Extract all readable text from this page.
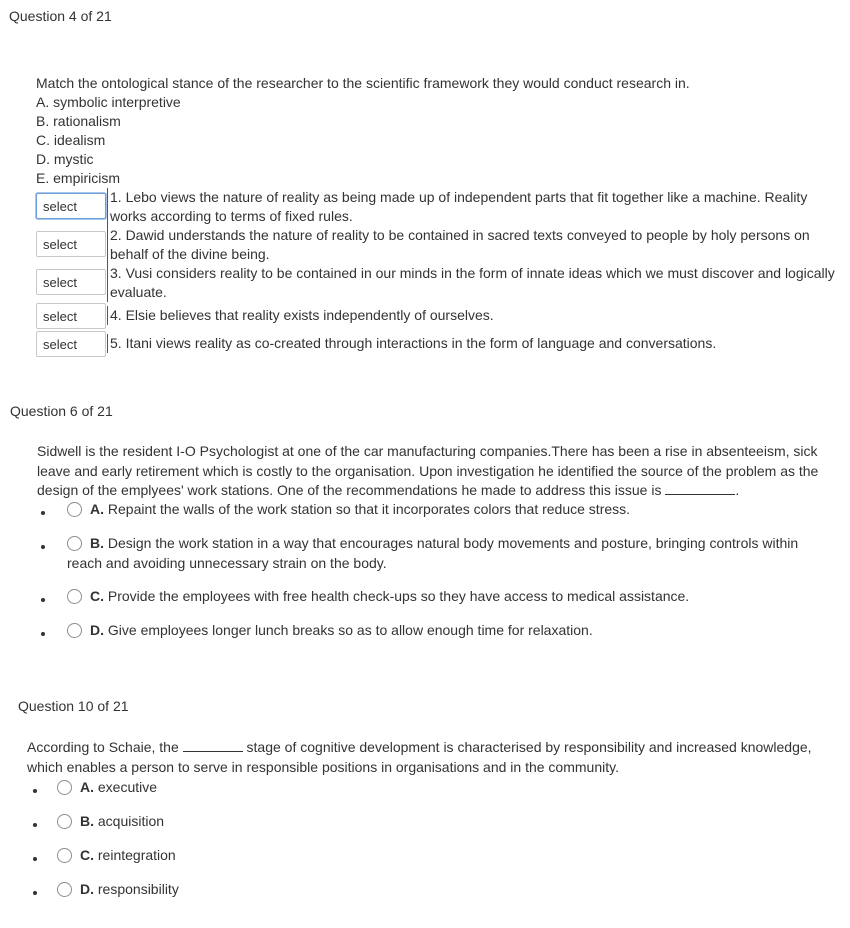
Question 4 of 21
Match the ontological stance of the researcher to the scientific framework they would conduct research in.
A. symbolic interpretive
B. rationalism
C. idealism
D. mystic
E. empiricism
select
1. Lebo views the nature of reality as being made up of independent parts that fit together like a machine. Reality
works according to terms of fixed rules.
select
2. Dawid understands the nature of reality to be contained in sacred texts conveyed to people by holy persons on
behalf of the divine being.
select
3. Vusi considers reality to be contained in our minds in the form of innate ideas which we must discover and logically
evaluate.
select	4. Elsie believes that reality exists independently of ourselves.
select	5. Itani views reality as co-created through interactions in the form of language and conversations.
Question 6 of 21
Sidwell is the resident I-O Psychologist at one of the car manufacturing companies.There has been a rise in absenteeism, sick
leave and early retirement which is costly to the organisation. Upon investigation he identified the source of the problem as the
design of the emplyees' work stations. One of the recommendations he made to address this issue is	.
A. Repaint the walls of the work station so that it incorporates colors that reduce stress.
B. Design the work station in a way that encourages natural body movements and posture, bringing controls within
reach and avoiding unnecessary strain on the body.
C. Provide the employees with free health check-ups so they have access to medical assistance.
D. Give employees longer lunch breaks so as to allow enough time for relaxation.
Question 10 of 21
According to Schaie, the	stage of cognitive development is characterised by responsibility and increased knowledge,
which enables a person to serve in responsible positions in organisations and in the community.
A. executive
B. acquisition
C. reintegration
D. responsibility
